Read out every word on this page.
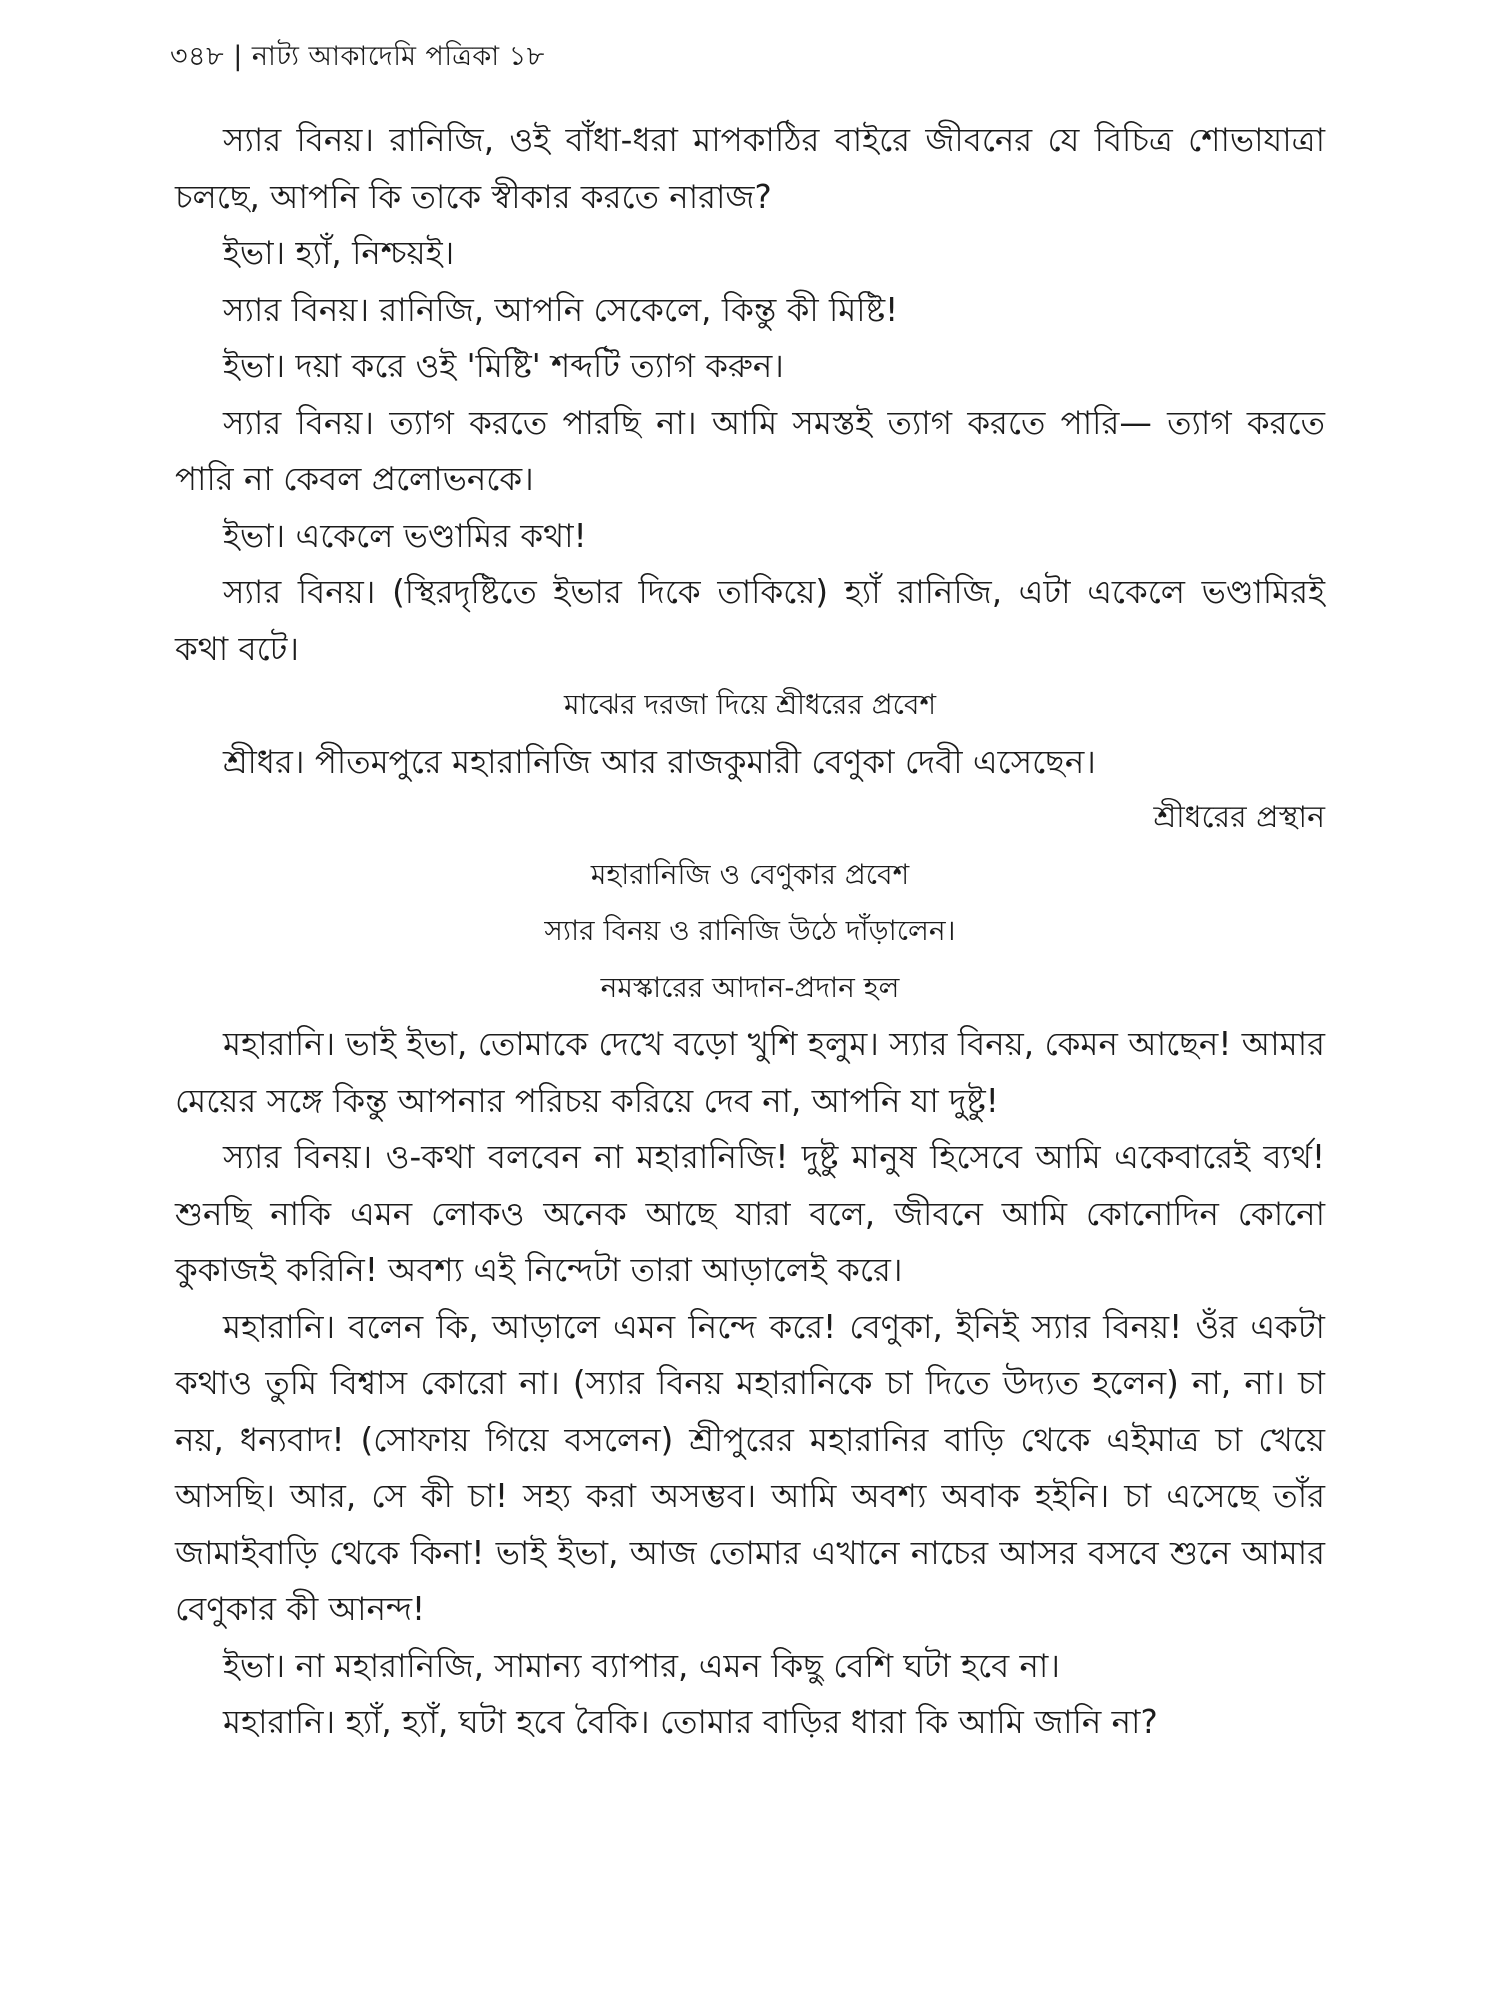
৩৪৮ | নাট্য আকাদেমি পত্রিকা ১৮

স্যার বিনয়। রানিজি, ওই বাঁধা-ধরা মাপকাঠির বাইরে জীবনের যে বিচিত্র শোভাযাত্রা চলছে, আপনি কি তাকে স্বীকার করতে নারাজ?

ইভা। হ্যাঁ, নিশ্চয়ই।

স্যার বিনয়। রানিজি, আপনি সেকেলে, কিন্তু কী মিষ্টি!

ইভা। দয়া করে ওই 'মিষ্টি' শব্দটি ত্যাগ করুন।

স্যার বিনয়। ত্যাগ করতে পারছি না। আমি সমস্তই ত্যাগ করতে পারি— ত্যাগ করতে পারি না কেবল প্রলোভনকে।

ইভা। একেলে ভণ্ডামির কথা!

স্যার বিনয়। (স্থিরদৃষ্টিতে ইভার দিকে তাকিয়ে) হ্যাঁ রানিজি, এটা একেলে ভণ্ডামিরই কথা বটে।

মাঝের দরজা দিয়ে শ্রীধরের প্রবেশ

শ্রীধর। পীতমপুরে মহারানিজি আর রাজকুমারী বেণুকা দেবী এসেছেন।

শ্রীধরের প্রস্থান

মহারানিজি ও বেণুকার প্রবেশ

স্যার বিনয় ও রানিজি উঠে দাঁড়ালেন।

নমস্কারের আদান-প্রদান হল

মহারানি। ভাই ইভা, তোমাকে দেখে বড়ো খুশি হলুম। স্যার বিনয়, কেমন আছেন! আমার মেয়ের সঙ্গে কিন্তু আপনার পরিচয় করিয়ে দেব না, আপনি যা দুষ্টু!

স্যার বিনয়। ও-কথা বলবেন না মহারানিজি! দুষ্টু মানুষ হিসেবে আমি একেবারেই ব্যর্থ! শুনছি নাকি এমন লোকও অনেক আছে যারা বলে, জীবনে আমি কোনোদিন কোনো কুকাজই করিনি! অবশ্য এই নিন্দেটা তারা আড়ালেই করে।

মহারানি। বলেন কি, আড়ালে এমন নিন্দে করে! বেণুকা, ইনিই স্যার বিনয়! ওঁর একটা কথাও তুমি বিশ্বাস কোরো না। (স্যার বিনয় মহারানিকে চা দিতে উদ্যত হলেন) না, না। চা নয়, ধন্যবাদ! (সোফায় গিয়ে বসলেন) শ্রীপুরের মহারানির বাড়ি থেকে এইমাত্র চা খেয়ে আসছি। আর, সে কী চা! সহ্য করা অসম্ভব। আমি অবশ্য অবাক হইনি। চা এসেছে তাঁর জামাইবাড়ি থেকে কিনা! ভাই ইভা, আজ তোমার এখানে নাচের আসর বসবে শুনে আমার বেণুকার কী আনন্দ!

ইভা। না মহারানিজি, সামান্য ব্যাপার, এমন কিছু বেশি ঘটা হবে না।

মহারানি। হ্যাঁ, হ্যাঁ, ঘটা হবে বৈকি। তোমার বাড়ির ধারা কি আমি জানি না?
